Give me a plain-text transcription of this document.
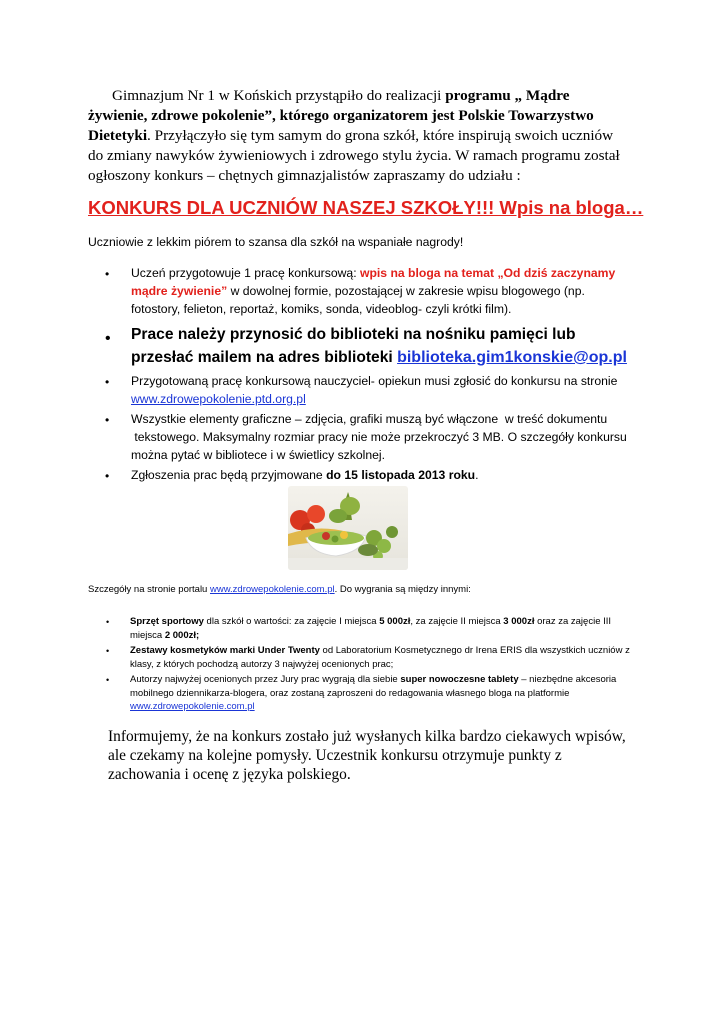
Gimnazjum Nr 1 w Końskich przystąpiło do realizacji programu „ Mądre żywienie, zdrowe pokolenie”, którego organizatorem jest Polskie Towarzystwo Dietetyki. Przyłączyło się tym samym do grona szkół, które inspirują swoich uczniów do zmiany nawyków żywieniowych i zdrowego stylu życia. W ramach programu został ogłoszony konkurs – chętnych gimnazjalistów zapraszamy do udziału :
KONKURS DLA UCZNIÓW NASZEJ SZKOŁY!!! Wpis na bloga…
Uczniowie z lekkim piórem to szansa dla szkół na wspaniałe nagrody!
• Uczeń przygotowuje 1 pracę konkursową: wpis na bloga na temat „Od dziś zaczynamy mądre żywienie” w dowolnej formie, pozostającej w zakresie wpisu blogowego (np. fotostory, felieton, reportaż, komiks, sonda, videoblog- czyli krótki film).
• Prace należy przynosić do biblioteki na nośniku pamięci lub przesłać mailem na adres biblioteki biblioteka.gim1konskie@op.pl
• Przygotowaną pracę konkursową nauczyciel- opiekun musi zgłosić do konkursu na stronie www.zdrowepokolenie.ptd.org.pl
• Wszystkie elementy graficzne – zdjęcia, grafiki muszą być włączone  w treść dokumentu
tekstowego. Maksymalny rozmiar pracy nie może przekroczyć 3 MB. O szczegóły konkursu
można pytać w bibliotece i w świetlicy szkolnej.
• Zgłoszenia prac będą przyjmowane do 15 listopada 2013 roku.
Szczegóły na stronie portalu www.zdrowepokolenie.com.pl. Do wygrania są między innymi:
• Sprzęt sportowy dla szkół o wartości: za zajęcie I miejsca 5 000zł, za zajęcie II miejsca 3 000zł oraz za zajęcie III miejsca 2 000zł;
• Zestawy kosmetyków marki Under Twenty od Laboratorium Kosmetycznego dr Irena ERIS dla wszystkich uczniów z klasy, z których pochodzą autorzy 3 najwyżej ocenionych prac;
• Autorzy najwyżej ocenionych przez Jury prac wygrają dla siebie super nowoczesne tablety – niezbędne akcesoria mobilnego dziennikarza-blogera, oraz zostaną zaproszeni do redagowania własnego bloga na platformie www.zdrowepokolenie.com.pl
Informujemy, że na konkurs zostało już wysłanych kilka bardzo ciekawych wpisów, ale czekamy na kolejne pomysły. Uczestnik konkursu otrzymuje punkty z zachowania i ocenę z języka polskiego.
